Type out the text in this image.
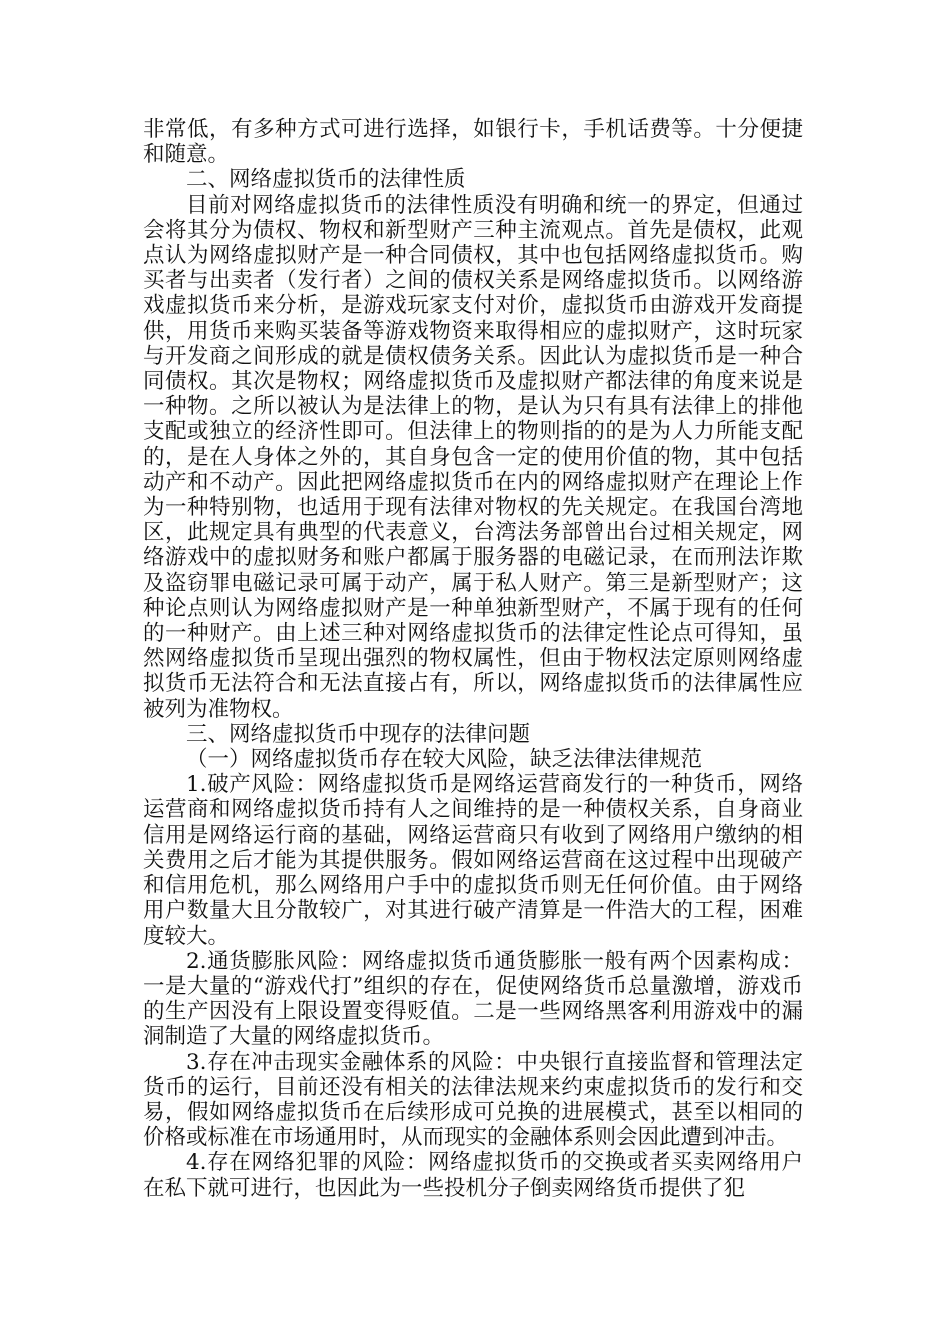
非常低，有多种方式可进行选择，如银行卡，手机话费等。十分便捷和随意。

二、网络虚拟货币的法律性质

目前对网络虚拟货币的法律性质没有明确和统一的界定，但通过会将其分为债权、物权和新型财产三种主流观点。首先是债权，此观点认为网络虚拟财产是一种合同债权，其中也包括网络虚拟货币。购买者与出卖者（发行者）之间的债权关系是网络虚拟货币。以网络游戏虚拟货币来分析，是游戏玩家支付对价，虚拟货币由游戏开发商提供，用货币来购买装备等游戏物资来取得相应的虚拟财产，这时玩家与开发商之间形成的就是债权债务关系。因此认为虚拟货币是一种合同债权。其次是物权；网络虚拟货币及虚拟财产都法律的角度来说是一种物。之所以被认为是法律上的物，是认为只有具有法律上的排他支配或独立的经济性即可。但法律上的物则指的的是为人力所能支配的，是在人身体之外的，其自身包含一定的使用价值的物，其中包括动产和不动产。因此把网络虚拟货币在内的网络虚拟财产在理论上作为一种特别物，也适用于现有法律对物权的先关规定。在我国台湾地区，此规定具有典型的代表意义，台湾法务部曾出台过相关规定，网络游戏中的虚拟财务和账户都属于服务器的电磁记录，在而刑法诈欺及盗窃罪电磁记录可属于动产，属于私人财产。第三是新型财产；这种论点则认为网络虚拟财产是一种单独新型财产，不属于现有的任何的一种财产。由上述三种对网络虚拟货币的法律定性论点可得知，虽然网络虚拟货币呈现出强烈的物权属性，但由于物权法定原则网络虚拟货币无法符合和无法直接占有，所以，网络虚拟货币的法律属性应被列为准物权。

三、网络虚拟货币中现存的法律问题

（一）网络虚拟货币存在较大风险，缺乏法律法律规范

1.破产风险：网络虚拟货币是网络运营商发行的一种货币，网络运营商和网络虚拟货币持有人之间维持的是一种债权关系，自身商业信用是网络运行商的基础，网络运营商只有收到了网络用户缴纳的相关费用之后才能为其提供服务。假如网络运营商在这过程中出现破产和信用危机，那么网络用户手中的虚拟货币则无任何价值。由于网络用户数量大且分散较广，对其进行破产清算是一件浩大的工程，困难度较大。

2.通货膨胀风险：网络虚拟货币通货膨胀一般有两个因素构成：一是大量的“游戏代打”组织的存在，促使网络货币总量激增，游戏币的生产因没有上限设置变得贬值。二是一些网络黑客利用游戏中的漏洞制造了大量的网络虚拟货币。

3.存在冲击现实金融体系的风险：中央银行直接监督和管理法定货币的运行，目前还没有相关的法律法规来约束虚拟货币的发行和交易，假如网络虚拟货币在后续形成可兑换的进展模式，甚至以相同的价格或标准在市场通用时，从而现实的金融体系则会因此遭到冲击。

4.存在网络犯罪的风险：网络虚拟货币的交换或者买卖网络用户在私下就可进行，也因此为一些投机分子倒卖网络货币提供了犯
